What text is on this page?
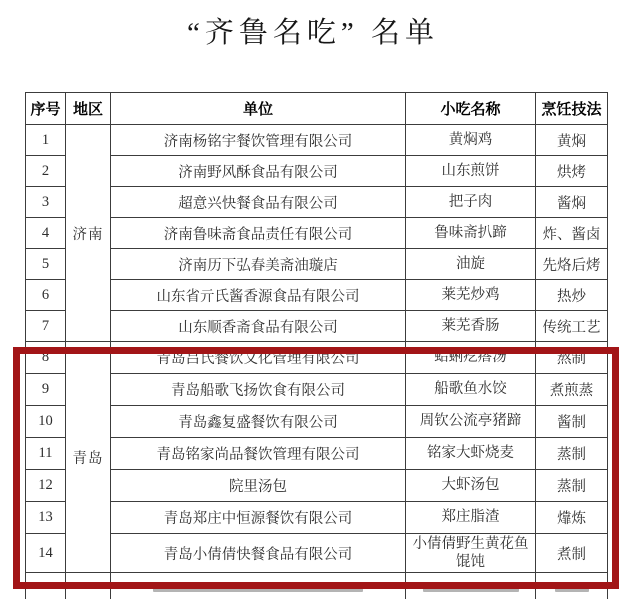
“齐鲁名吃” 名单
序号	地区	单位	小吃名称	烹饪技法
1	济南	济南杨铭宇餐饮管理有限公司	黄焖鸡	黄焖
2		济南野风酥食品有限公司	山东煎饼	烘烤
3		超意兴快餐食品有限公司	把子肉	酱焖
4		济南鲁味斋食品责任有限公司	鲁味斋扒蹄	炸、酱卤
5		济南历下弘春美斋油璇店	油旋	先烙后烤
6		山东省亓氏酱香源食品有限公司	莱芜炒鸡	热炒
7		山东顺香斋食品有限公司	莱芜香肠	传统工艺
8	青岛	青岛吕氏餐饮文化管理有限公司	蛤蜊疙瘩汤	熬制
9		青岛船歌飞扬饮食有限公司	船歌鱼水饺	煮煎蒸
10		青岛鑫复盛餐饮有限公司	周钦公流亭猪蹄	酱制
11		青岛铭家尚品餐饮管理有限公司	铭家大虾烧麦	蒸制
12		院里汤包	大虾汤包	蒸制
13		青岛郑庄中恒源餐饮有限公司	郑庄脂渣	㸆炼
14		青岛小倩倩快餐食品有限公司	小倩倩野生黄花鱼馄饨	煮制
